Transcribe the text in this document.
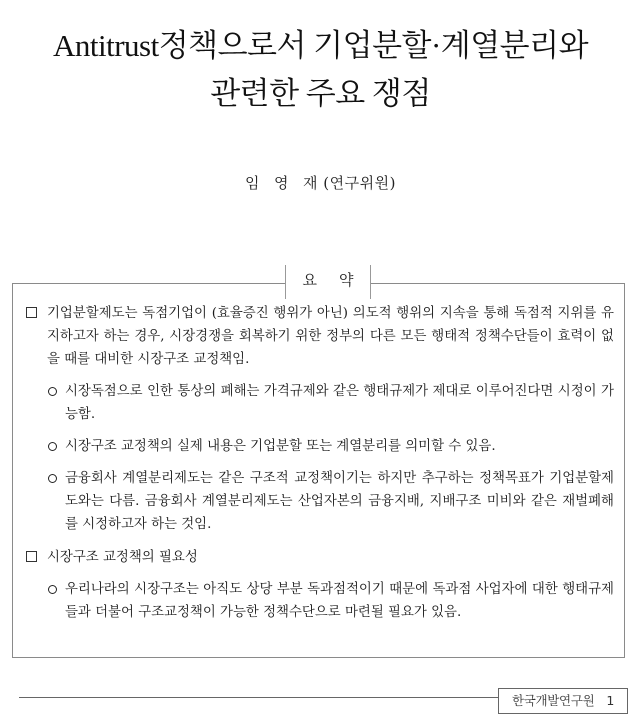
Antitrust정책으로서 기업분할·계열분리와
관련한 주요 쟁점
임 영 재 (연구위원)
요 약
기업분할제도는 독점기업이 (효율증진 행위가 아닌) 의도적 행위의 지속을 통해 독점적 지위를 유지하고자 하는 경우, 시장경쟁을 회복하기 위한 정부의 다른 모든 행태적 정책수단들이 효력이 없을 때를 대비한 시장구조 교정책임.
시장독점으로 인한 통상의 폐해는 가격규제와 같은 행태규제가 제대로 이루어진다면 시정이 가능함.
시장구조 교정책의 실제 내용은 기업분할 또는 계열분리를 의미할 수 있음.
금융회사 계열분리제도는 같은 구조적 교정책이기는 하지만 추구하는 정책목표가 기업분할제도와는 다름. 금융회사 계열분리제도는 산업자본의 금융지배, 지배구조 미비와 같은 재벌폐해를 시정하고자 하는 것임.
시장구조 교정책의 필요성
우리나라의 시장구조는 아직도 상당 부분 독과점적이기 때문에 독과점 사업자에 대한 행태규제들과 더불어 구조교정책이 가능한 정책수단으로 마련될 필요가 있음.
한국개발연구원 1
